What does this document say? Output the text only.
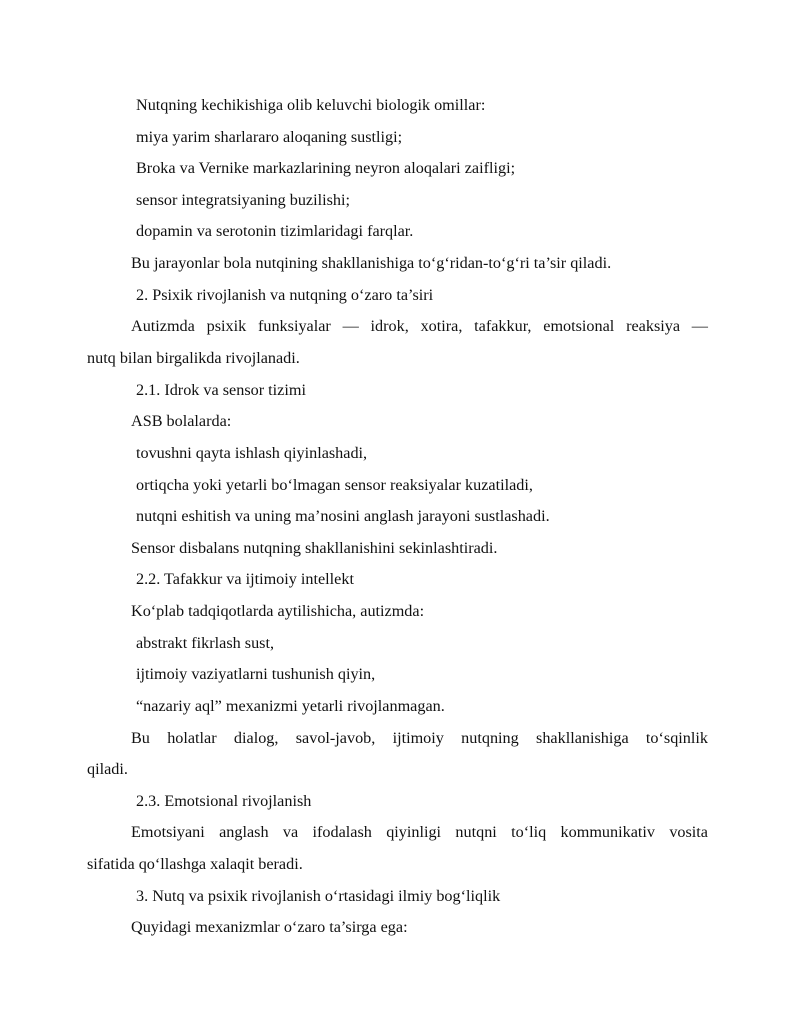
Nutqning kechikishiga olib keluvchi biologik omillar:
miya yarim sharlararo aloqaning sustligi;
Broka va Vernike markazlarining neyron aloqalari zaifligi;
sensor integratsiyaning buzilishi;
dopamin va serotonin tizimlaridagi farqlar.
Bu jarayonlar bola nutqining shakllanishiga to‘g‘ridan-to‘g‘ri ta’sir qiladi.
2. Psixik rivojlanish va nutqning o‘zaro ta’siri
Autizmda psixik funksiyalar — idrok, xotira, tafakkur, emotsional reaksiya —
nutq bilan birgalikda rivojlanadi.
2.1. Idrok va sensor tizimi
ASB bolalarda:
tovushni qayta ishlash qiyinlashadi,
ortiqcha yoki yetarli bo‘lmagan sensor reaksiyalar kuzatiladi,
nutqni eshitish va uning ma’nosini anglash jarayoni sustlashadi.
Sensor disbalans nutqning shakllanishini sekinlashtiradi.
2.2. Tafakkur va ijtimoiy intellekt
Ko‘plab tadqiqotlarda aytilishicha, autizmda:
abstrakt fikrlash sust,
ijtimoiy vaziyatlarni tushunish qiyin,
“nazariy aql” mexanizmi yetarli rivojlanmagan.
Bu holatlar dialog, savol-javob, ijtimoiy nutqning shakllanishiga to‘sqinlik
qiladi.
2.3. Emotsional rivojlanish
Emotsiyani anglash va ifodalash qiyinligi nutqni to‘liq kommunikativ vosita
sifatida qo‘llashga xalaqit beradi.
3. Nutq va psixik rivojlanish o‘rtasidagi ilmiy bog‘liqlik
Quyidagi mexanizmlar o‘zaro ta’sirga ega:
